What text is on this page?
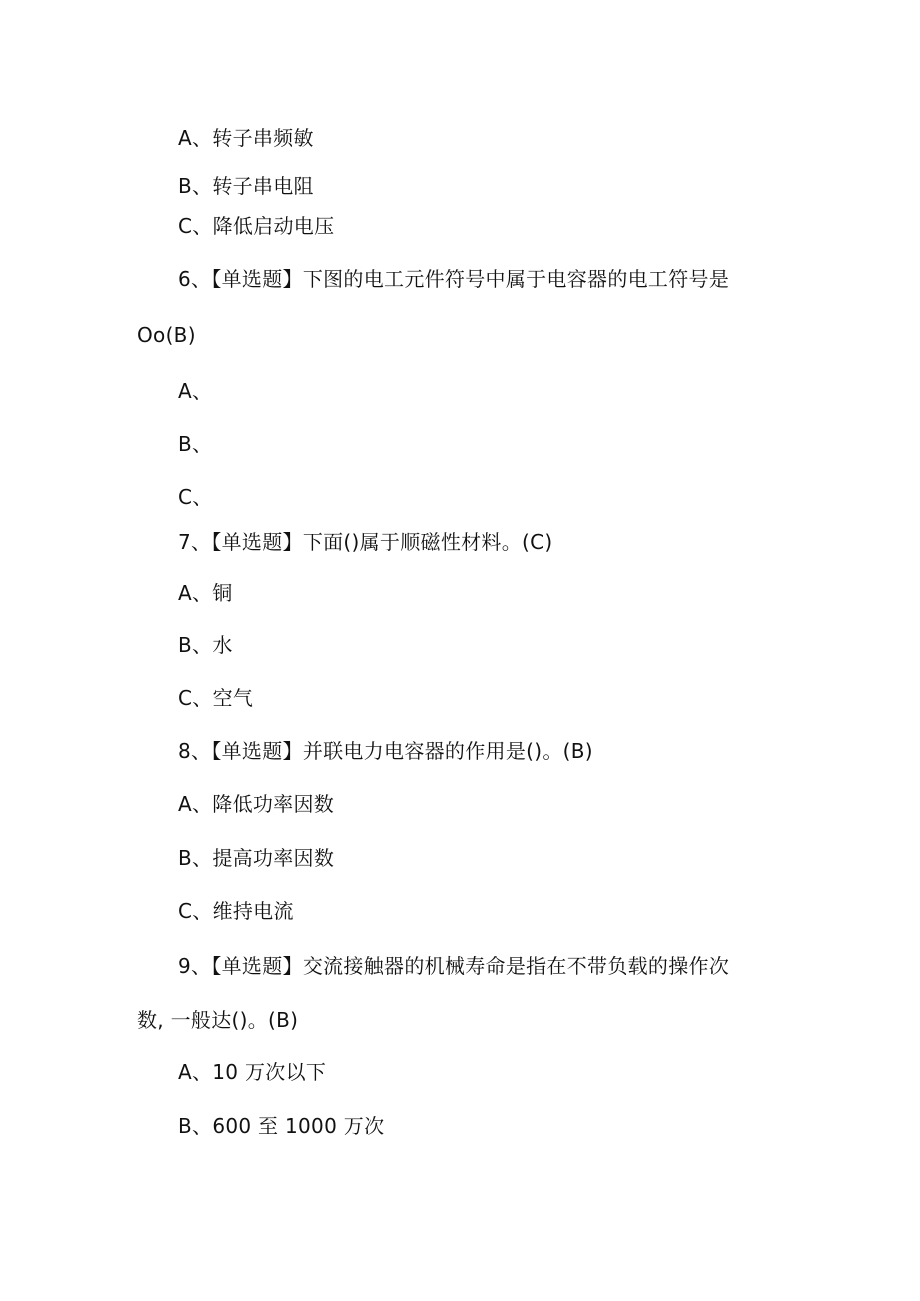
A、转子串频敏
B、转子串电阻
C、降低启动电压
6、【单选题】下图的电工元件符号中属于电容器的电工符号是
Oo(B)
A、
B、
C、
7、【单选题】下面()属于顺磁性材料。(C)
A、铜
B、水
C、空气
8、【单选题】并联电力电容器的作用是()。(B)
A、降低功率因数
B、提高功率因数
C、维持电流
9、【单选题】交流接触器的机械寿命是指在不带负载的操作次
数, 一般达()。(B)
A、10 万次以下
B、600 至 1000 万次
